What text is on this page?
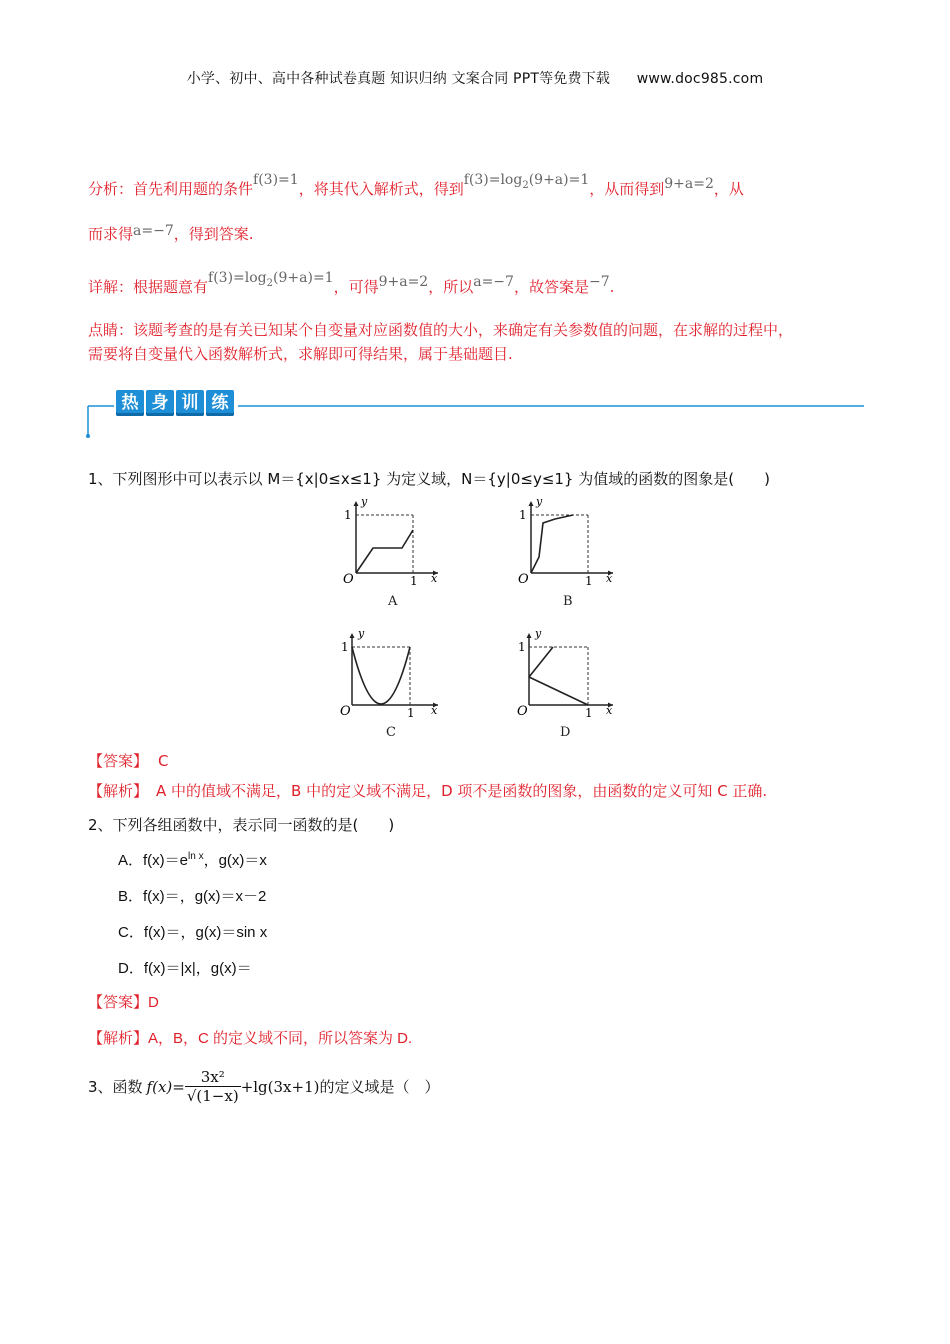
小学、初中、高中各种试卷真题 知识归纳 文案合同 PPT等免费下载 www.doc985.com
分析：首先利用题的条件f(3)=1，将其代入解析式，得到$f(3)=\log_2(9+a)=1$，从而得到9+a=2，从
而求得a=−7，得到答案.
详解：根据题意有$f(3)=\log_2(9+a)=1$，可得9+a=2，所以a=−7，故答案是−7.
点睛：该题考查的是有关已知某个自变量对应函数值的大小，来确定有关参数值的问题，在求解的过程中，
需要将自变量代入函数解析式，求解即可得结果，属于基础题目.
热 身 训 练
1、下列图形中可以表示以 M＝{x|0≤x≤1} 为定义域，N＝{y|0≤y≤1} 为值域的函数的图象是(　　)
y
1
O	1 x
A
y
1
O	1 x
B
y
1
O	1 x
C
y
1
O	1 x
D
【答案】 C
【解析】 A 中的值域不满足，B 中的定义域不满足，D 项不是函数的图象，由函数的定义可知 C 正确.
2、下列各组函数中，表示同一函数的是(　　)
A．$f(x)=e^{ln x}$，g(x)＝x
B．f(x)＝，g(x)＝x－2
C．f(x)＝，g(x)＝sin x
D．f(x)＝|x|，g(x)＝
【答案】D
【解析】A，B，C 的定义域不同，所以答案为 D.
3、函数 $f(x)= \frac{\text{3x²}}{√(1-x)} +\lg(3x+1)$ 的定义域是（　）
